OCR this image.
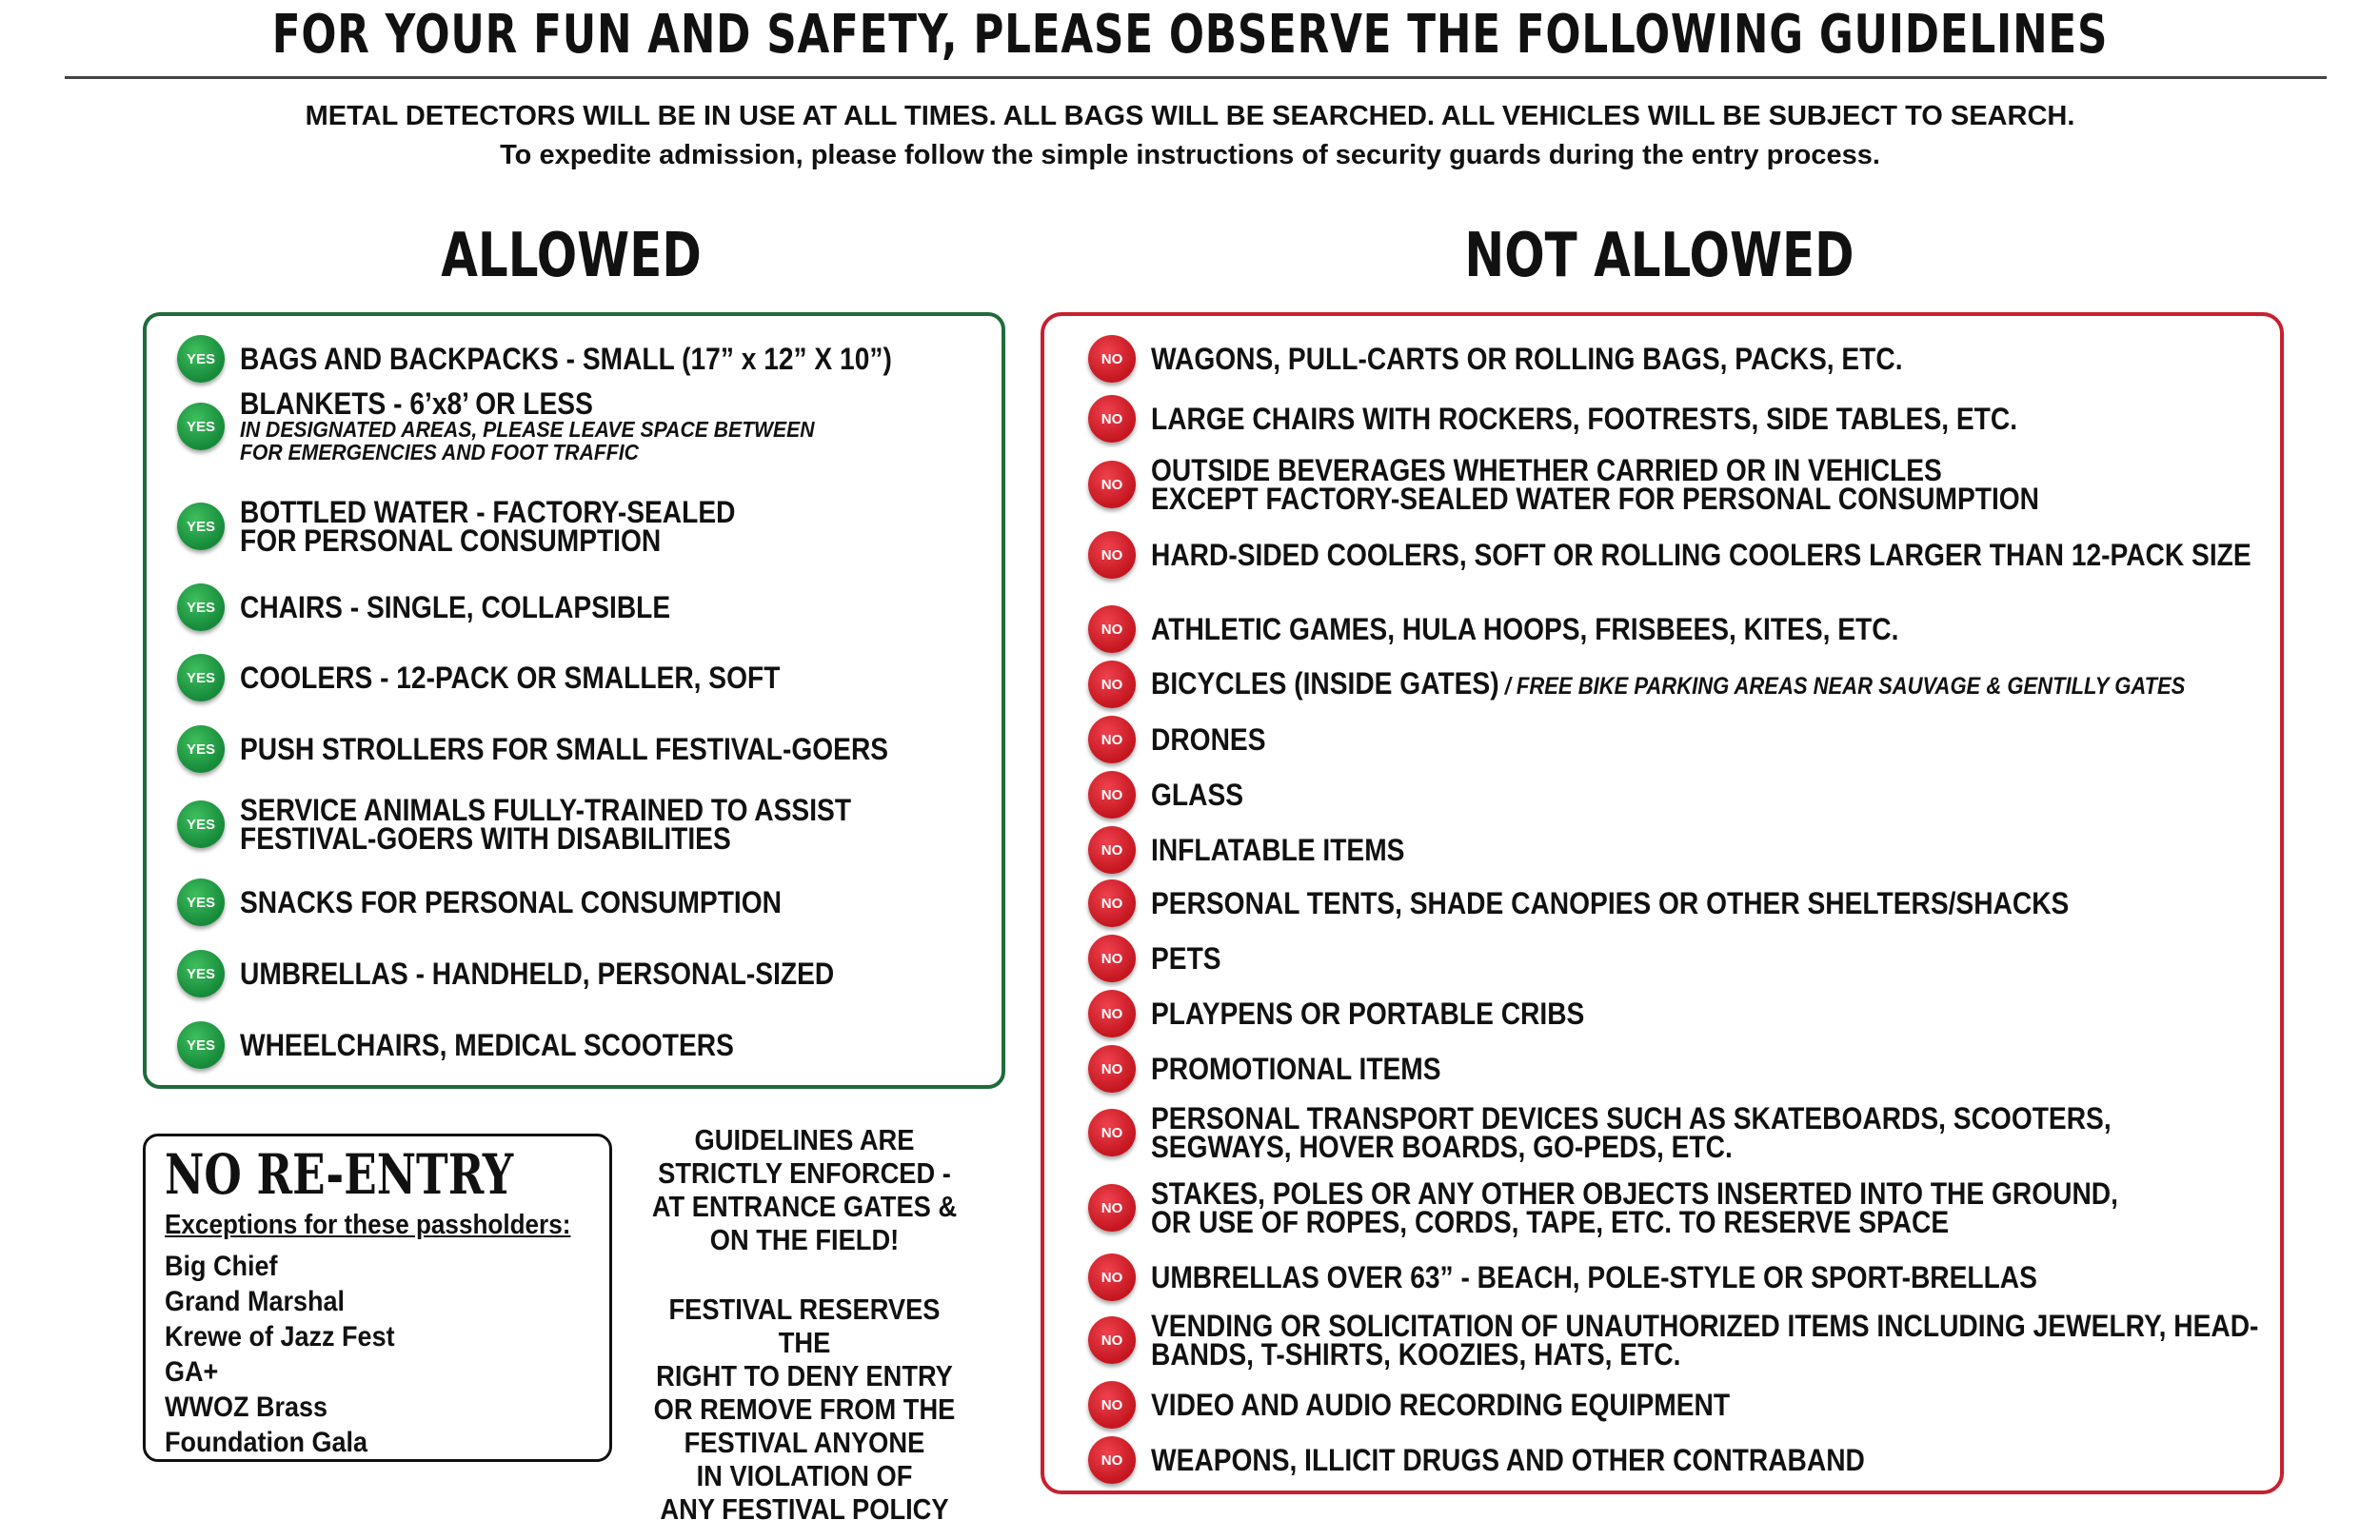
FOR YOUR FUN AND SAFETY, PLEASE OBSERVE THE FOLLOWING GUIDELINES
METAL DETECTORS WILL BE IN USE AT ALL TIMES. ALL BAGS WILL BE SEARCHED. ALL VEHICLES WILL BE SUBJECT TO SEARCH.
To expedite admission, please follow the simple instructions of security guards during the entry process.
ALLOWED	NOT ALLOWED
NO RE-ENTRY
Exceptions for these passholders:
Big Chief
Grand Marshal
Krewe of Jazz Fest
GA+
WWOZ Brass
Foundation Gala
GUIDELINES ARE
STRICTLY ENFORCED -
AT ENTRANCE GATES &
ON THE FIELD!
FESTIVAL RESERVES THE
RIGHT TO DENY ENTRY
OR REMOVE FROM THE
FESTIVAL ANYONE
IN VIOLATION OF
ANY FESTIVAL POLICY
YES BAGS AND BACKPACKS - SMALL (17” x 12” X 10”)
YES
BLANKETS - 6’x8’ OR LESS
IN DESIGNATED AREAS, PLEASE LEAVE SPACE BETWEEN
FOR EMERGENCIES AND FOOT TRAFFIC
YES BOTTLED WATER - FACTORY-SEALED
FOR PERSONAL CONSUMPTION
YES CHAIRS - SINGLE, COLLAPSIBLE
YES COOLERS - 12-PACK OR SMALLER, SOFT
YES PUSH STROLLERS FOR SMALL FESTIVAL-GOERS
YES SERVICE ANIMALS FULLY-TRAINED TO ASSIST
FESTIVAL-GOERS WITH DISABILITIES
YES SNACKS FOR PERSONAL CONSUMPTION
YES UMBRELLAS - HANDHELD, PERSONAL-SIZED
YES WHEELCHAIRS, MEDICAL SCOOTERS
NO WAGONS, PULL-CARTS OR ROLLING BAGS, PACKS, ETC.
NO LARGE CHAIRS WITH ROCKERS, FOOTRESTS, SIDE TABLES, ETC.
NO OUTSIDE BEVERAGES WHETHER CARRIED OR IN VEHICLES
EXCEPT FACTORY-SEALED WATER FOR PERSONAL CONSUMPTION
NO HARD-SIDED COOLERS, SOFT OR ROLLING COOLERS LARGER THAN 12-PACK SIZE
NO ATHLETIC GAMES, HULA HOOPS, FRISBEES, KITES, ETC.
NO BICYCLES (INSIDE GATES) / FREE BIKE PARKING AREAS NEAR SAUVAGE & GENTILLY GATES
NO DRONES
NO GLASS
NO INFLATABLE ITEMS
NO PERSONAL TENTS, SHADE CANOPIES OR OTHER SHELTERS/SHACKS
NO PETS
NO PLAYPENS OR PORTABLE CRIBS
NO PROMOTIONAL ITEMS
NO PERSONAL TRANSPORT DEVICES SUCH AS SKATEBOARDS, SCOOTERS,
SEGWAYS, HOVER BOARDS, GO-PEDS, ETC.
NO STAKES, POLES OR ANY OTHER OBJECTS INSERTED INTO THE GROUND,
OR USE OF ROPES, CORDS, TAPE, ETC. TO RESERVE SPACE
NO UMBRELLAS OVER 63” - BEACH, POLE-STYLE OR SPORT-BRELLAS
NO VENDING OR SOLICITATION OF UNAUTHORIZED ITEMS INCLUDING JEWELRY, HEAD-
BANDS, T-SHIRTS, KOOZIES, HATS, ETC.
NO VIDEO AND AUDIO RECORDING EQUIPMENT
NO WEAPONS, ILLICIT DRUGS AND OTHER CONTRABAND
